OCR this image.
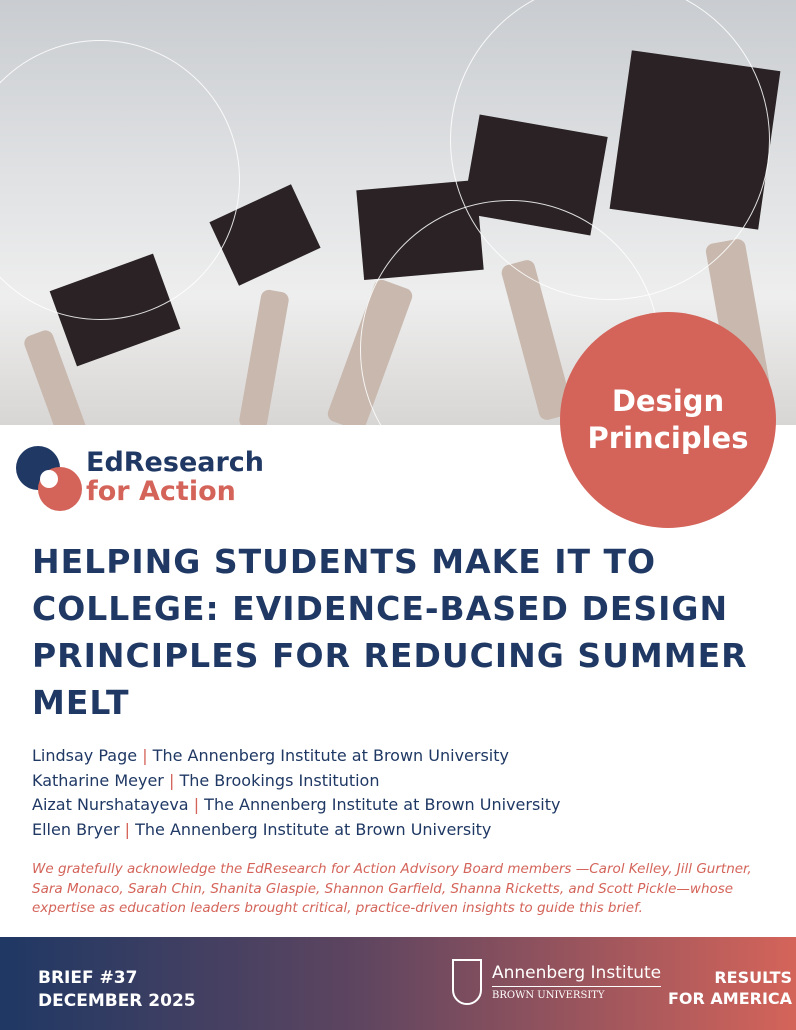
Design
Principles
EdResearch
for Action
HELPING STUDENTS MAKE IT TO COLLEGE: EVIDENCE-BASED DESIGN PRINCIPLES FOR REDUCING SUMMER MELT
Lindsay Page | The Annenberg Institute at Brown University
Katharine Meyer | The Brookings Institution
Aizat Nurshatayeva | The Annenberg Institute at Brown University
Ellen Bryer | The Annenberg Institute at Brown University

We gratefully acknowledge the EdResearch for Action Advisory Board members —Carol Kelley, Jill Gurtner, Sara Monaco, Sarah Chin, Shanita Glaspie, Shannon Garfield, Shanna Ricketts, and Scott Pickle—whose expertise as education leaders brought critical, practice-driven insights to guide this brief.

BRIEF #37
DECEMBER 2025
Annenberg Institute
BROWN UNIVERSITY
RESULTS
FOR AMERICA
